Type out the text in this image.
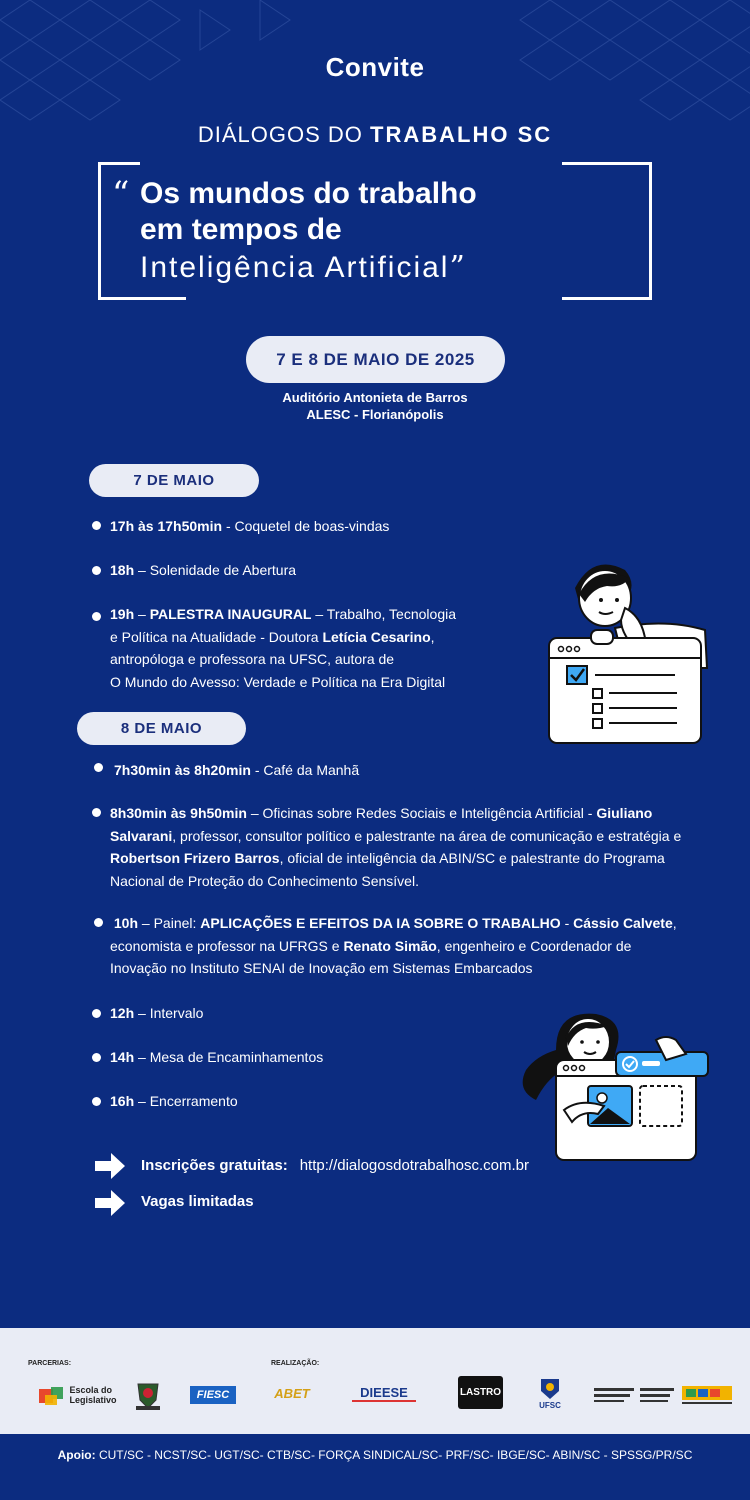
Convite
DIÁLOGOS DO TRABALHO SC
“ Os mundos do trabalho
em tempos de
Inteligência Artificial”
7 E 8 DE MAIO DE 2025
Auditório Antonieta de Barros
ALESC - Florianópolis
7 DE MAIO
17h às 17h50min - Coquetel de boas-vindas
18h – Solenidade de Abertura
19h – PALESTRA INAUGURAL – Trabalho, Tecnologia
e Política na Atualidade - Doutora Letícia Cesarino,
antropóloga e professora na UFSC, autora de
O Mundo do Avesso: Verdade e Política na Era Digital
8 DE MAIO
7h30min às 8h20min - Café da Manhã
8h30min às 9h50min – Oficinas sobre Redes Sociais e Inteligência Artificial - Giuliano
Salvarani, professor, consultor político e palestrante na área de comunicação e estratégia e
Robertson Frizero Barros, oficial de inteligência da ABIN/SC e palestrante do Programa
Nacional de Proteção do Conhecimento Sensível.
10h – Painel: APLICAÇÕES E EFEITOS DA IA SOBRE O TRABALHO - Cássio Calvete,
economista e professor na UFRGS e Renato Simão, engenheiro e Coordenador de
Inovação no Instituto SENAI de Inovação em Sistemas Embarcados
12h – Intervalo
14h – Mesa de Encaminhamentos
16h – Encerramento
Inscrições gratuitas: http://dialogosdotrabalhosc.com.br
Vagas limitadas
PARCERIAS:	REALIZAÇÃO:
Escola do
Legislativo	FIESC	ABET	DIEESE	LASTRO
UFSC
Apoio: CUT/SC - NCST/SC- UGT/SC- CTB/SC- FORÇA SINDICAL/SC- PRF/SC- IBGE/SC- ABIN/SC - SPSSG/PR/SC
